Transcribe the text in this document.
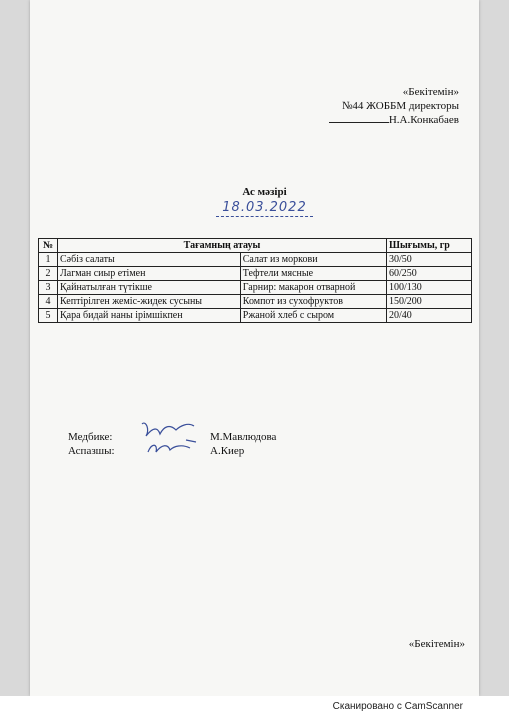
«Бекітемін»
№44 ЖОББМ директоры
Н.А.Конкабаев
Ас мәзірі
18.03.2022
№	Тағамның атауы		Шығымы, гр
1	Сәбіз салаты	Салат из моркови	30/50
2	Лагман сиыр етімен	Тефтели мясные	60/250
3	Қайнатылған түтікше	Гарнир: макарон отварной	100/130
4	Кептірілген жеміс-жидек сусыны	Компот из сухофруктов	150/200
5	Қара бидай наны ірімшікпен	Ржаной хлеб с сыром	20/40
Медбике:	М.Мавлюдова
Аспазшы:	А.Киер
«Бекітемін»
Сканировано с CamScanner
